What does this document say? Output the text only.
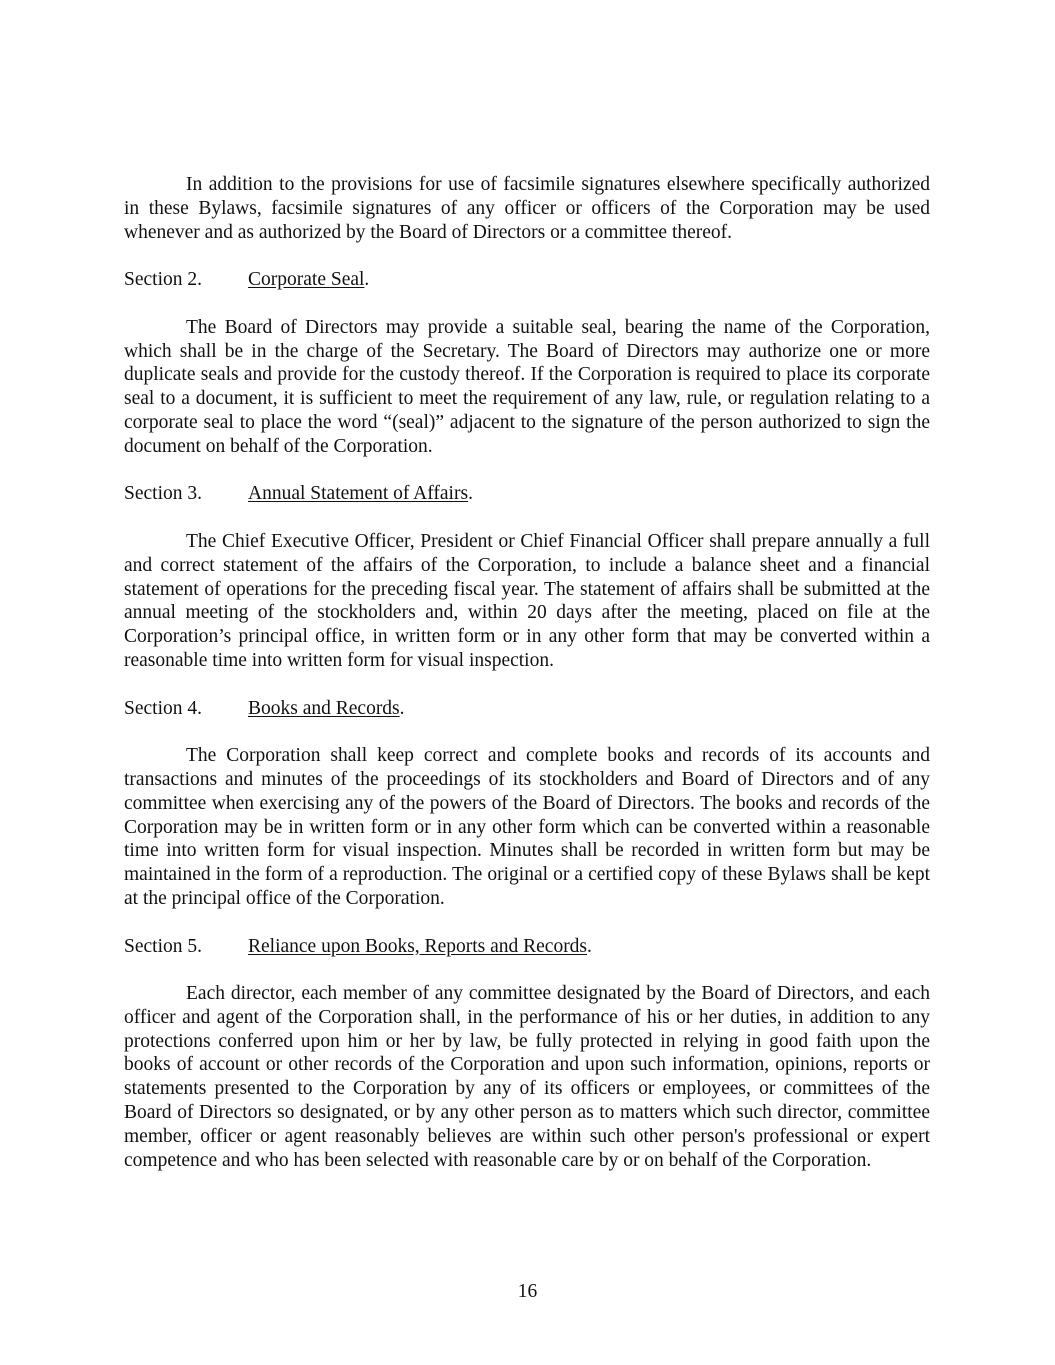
In addition to the provisions for use of facsimile signatures elsewhere specifically authorized in these Bylaws, facsimile signatures of any officer or officers of the Corporation may be used whenever and as authorized by the Board of Directors or a committee thereof.

Section 2. Corporate Seal.

The Board of Directors may provide a suitable seal, bearing the name of the Corporation, which shall be in the charge of the Secretary. The Board of Directors may authorize one or more duplicate seals and provide for the custody thereof. If the Corporation is required to place its corporate seal to a document, it is sufficient to meet the requirement of any law, rule, or regulation relating to a corporate seal to place the word “(seal)” adjacent to the signature of the person authorized to sign the document on behalf of the Corporation.

Section 3. Annual Statement of Affairs.

The Chief Executive Officer, President or Chief Financial Officer shall prepare annually a full and correct statement of the affairs of the Corporation, to include a balance sheet and a financial statement of operations for the preceding fiscal year. The statement of affairs shall be submitted at the annual meeting of the stockholders and, within 20 days after the meeting, placed on file at the Corporation’s principal office, in written form or in any other form that may be converted within a reasonable time into written form for visual inspection.

Section 4. Books and Records.

The Corporation shall keep correct and complete books and records of its accounts and transactions and minutes of the proceedings of its stockholders and Board of Directors and of any committee when exercising any of the powers of the Board of Directors. The books and records of the Corporation may be in written form or in any other form which can be converted within a reasonable time into written form for visual inspection. Minutes shall be recorded in written form but may be maintained in the form of a reproduction. The original or a certified copy of these Bylaws shall be kept at the principal office of the Corporation.

Section 5. Reliance upon Books, Reports and Records.

Each director, each member of any committee designated by the Board of Directors, and each officer and agent of the Corporation shall, in the performance of his or her duties, in addition to any protections conferred upon him or her by law, be fully protected in relying in good faith upon the books of account or other records of the Corporation and upon such information, opinions, reports or statements presented to the Corporation by any of its officers or employees, or committees of the Board of Directors so designated, or by any other person as to matters which such director, committee member, officer or agent reasonably believes are within such other person's professional or expert competence and who has been selected with reasonable care by or on behalf of the Corporation.

16
